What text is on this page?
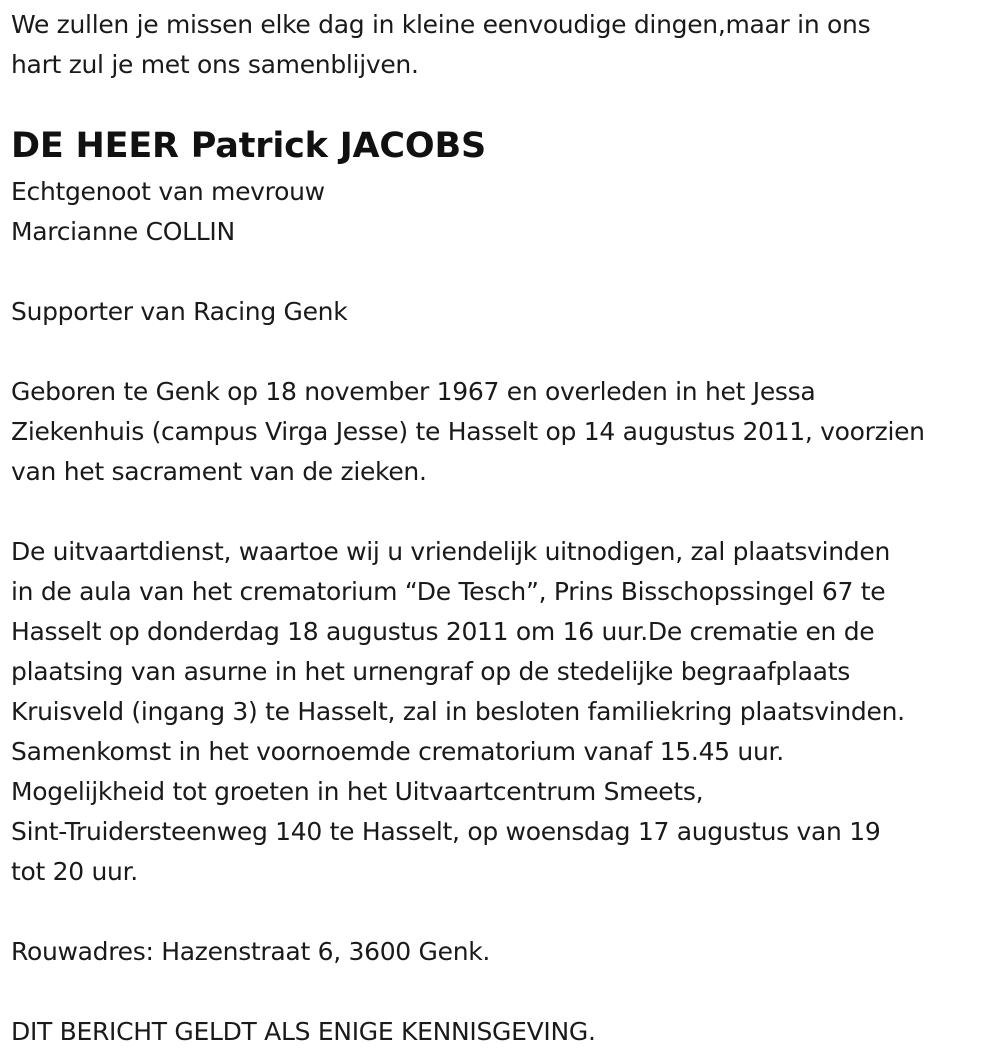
We zullen je missen elke dag in kleine eenvoudige dingen,maar in ons
hart zul je met ons samenblijven.
DE HEER Patrick JACOBS
Echtgenoot van mevrouw
Marcianne COLLIN
Supporter van Racing Genk
Geboren te Genk op 18 november 1967 en overleden in het Jessa
Ziekenhuis (campus Virga Jesse) te Hasselt op 14 augustus 2011, voorzien
van het sacrament van de zieken.
De uitvaartdienst, waartoe wij u vriendelijk uitnodigen, zal plaatsvinden
in de aula van het crematorium “De Tesch”, Prins Bisschopssingel 67 te
Hasselt op donderdag 18 augustus 2011 om 16 uur.De crematie en de
plaatsing van asurne in het urnengraf op de stedelijke begraafplaats
Kruisveld (ingang 3) te Hasselt, zal in besloten familiekring plaatsvinden.
Samenkomst in het voornoemde crematorium vanaf 15.45 uur.
Mogelijkheid tot groeten in het Uitvaartcentrum Smeets,
Sint-Truidersteenweg 140 te Hasselt, op woensdag 17 augustus van 19
tot 20 uur.
Rouwadres: Hazenstraat 6, 3600 Genk.
DIT BERICHT GELDT ALS ENIGE KENNISGEVING.
